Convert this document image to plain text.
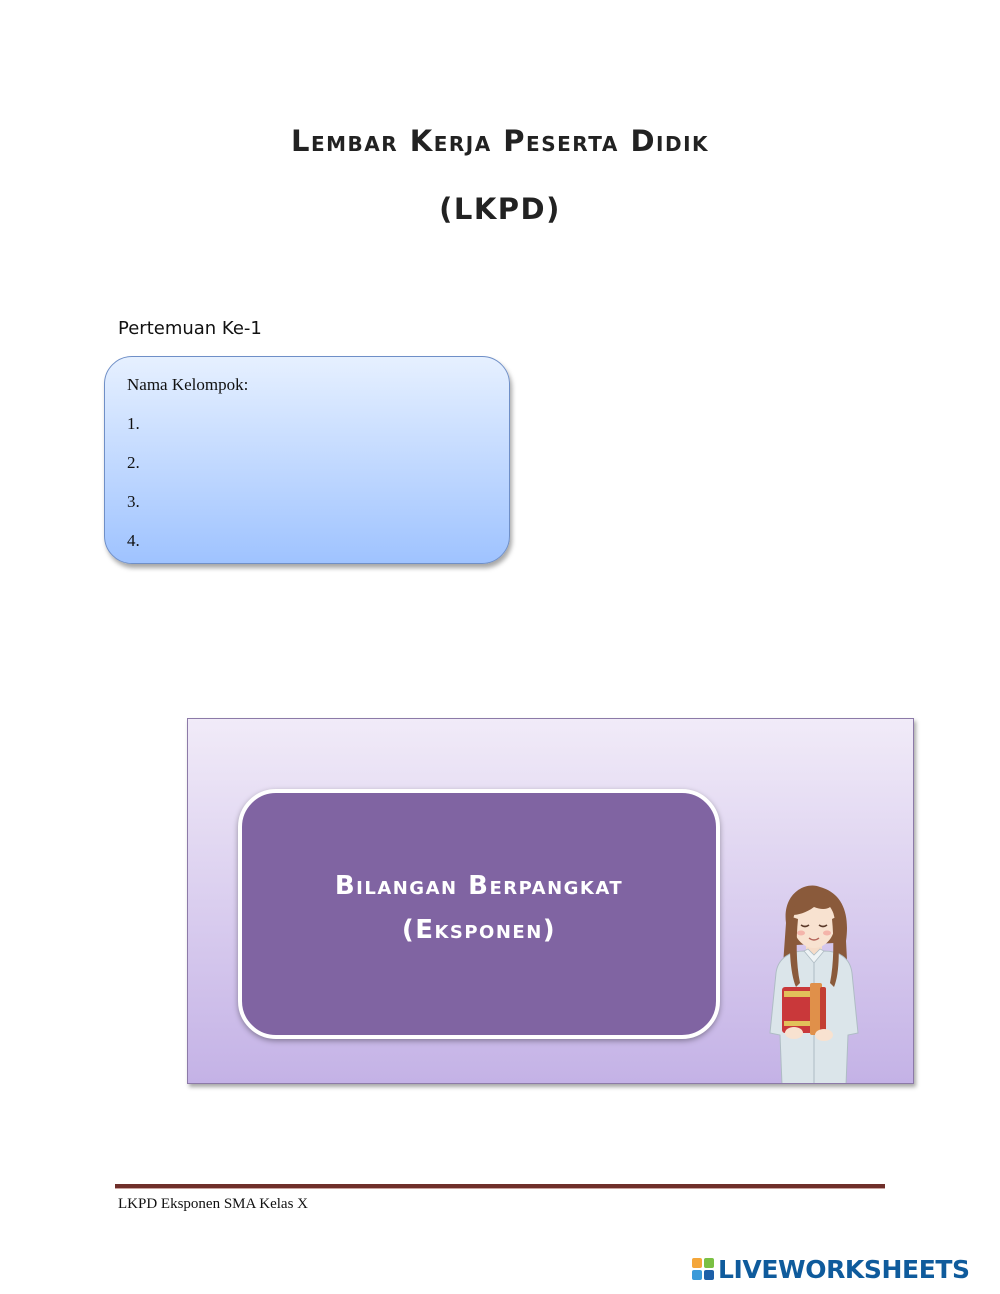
Lembar Kerja Peserta Didik
(LKPD)
Pertemuan Ke-1
Nama Kelompok:
1.
2.
3.
4.
Bilangan Berpangkat
(Eksponen)
LKPD Eksponen SMA Kelas X
LIVEWORKSHEETS
